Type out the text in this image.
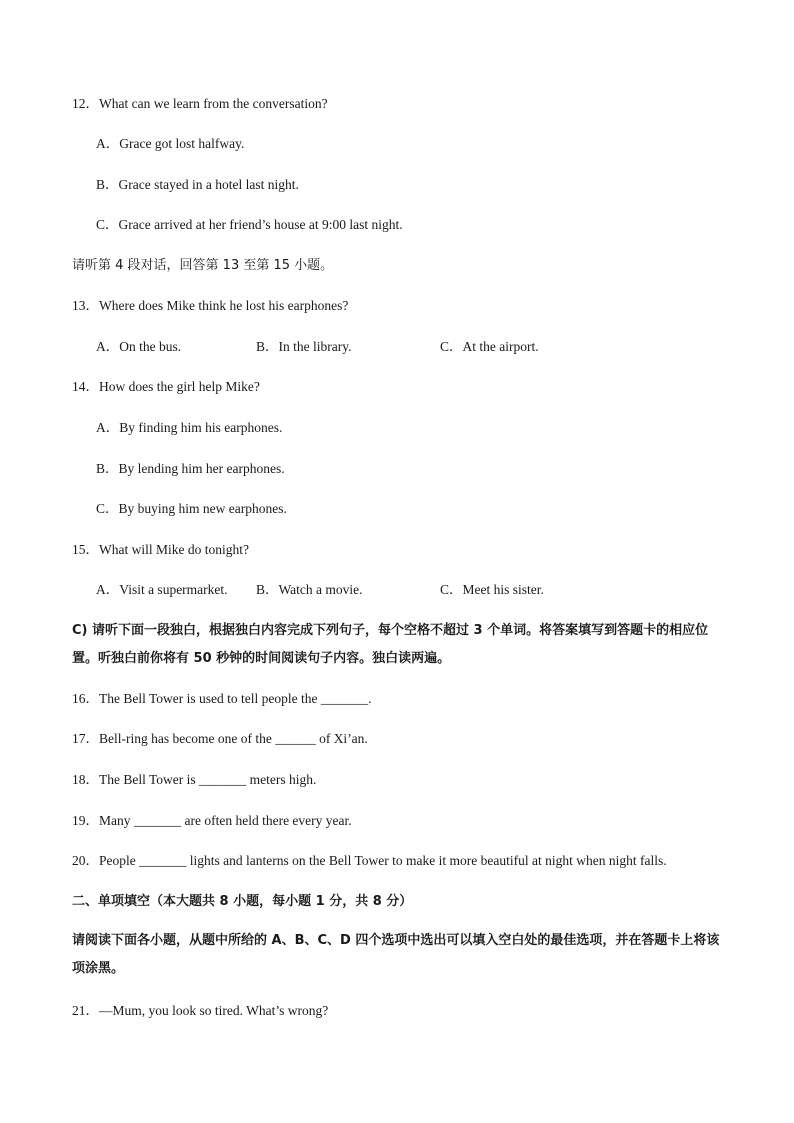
12．What can we learn from the conversation?
A．Grace got lost halfway.
B．Grace stayed in a hotel last night.
C．Grace arrived at her friend’s house at 9:00 last night.
请听第 4 段对话，回答第 13 至第 15 小题。
13．Where does Mike think he lost his earphones?
A．On the bus.	B．In the library.	C．At the airport.
14．How does the girl help Mike?
A．By finding him his earphones.
B．By lending him her earphones.
C．By buying him new earphones.
15．What will Mike do tonight?
A．Visit a supermarket. B．Watch a movie.	C．Meet his sister.
C) 请听下面一段独白，根据独白内容完成下列句子，每个空格不超过 3 个单词。将答案填写到答题卡的相应位置。听独白前你将有 50 秒钟的时间阅读句子内容。独白读两遍。
16．The Bell Tower is used to tell people the _______.
17．Bell-ring has become one of the ______ of Xi’an.
18．The Bell Tower is _______ meters high.
19．Many _______ are often held there every year.
20．People _______ lights and lanterns on the Bell Tower to make it more beautiful at night when night falls.
二、单项填空（本大题共 8 小题，每小题 1 分，共 8 分）
请阅读下面各小题，从题中所给的 A、B、C、D 四个选项中选出可以填入空白处的最佳选项，并在答题卡上将该项涂黑。
21．—Mum, you look so tired. What’s wrong?
